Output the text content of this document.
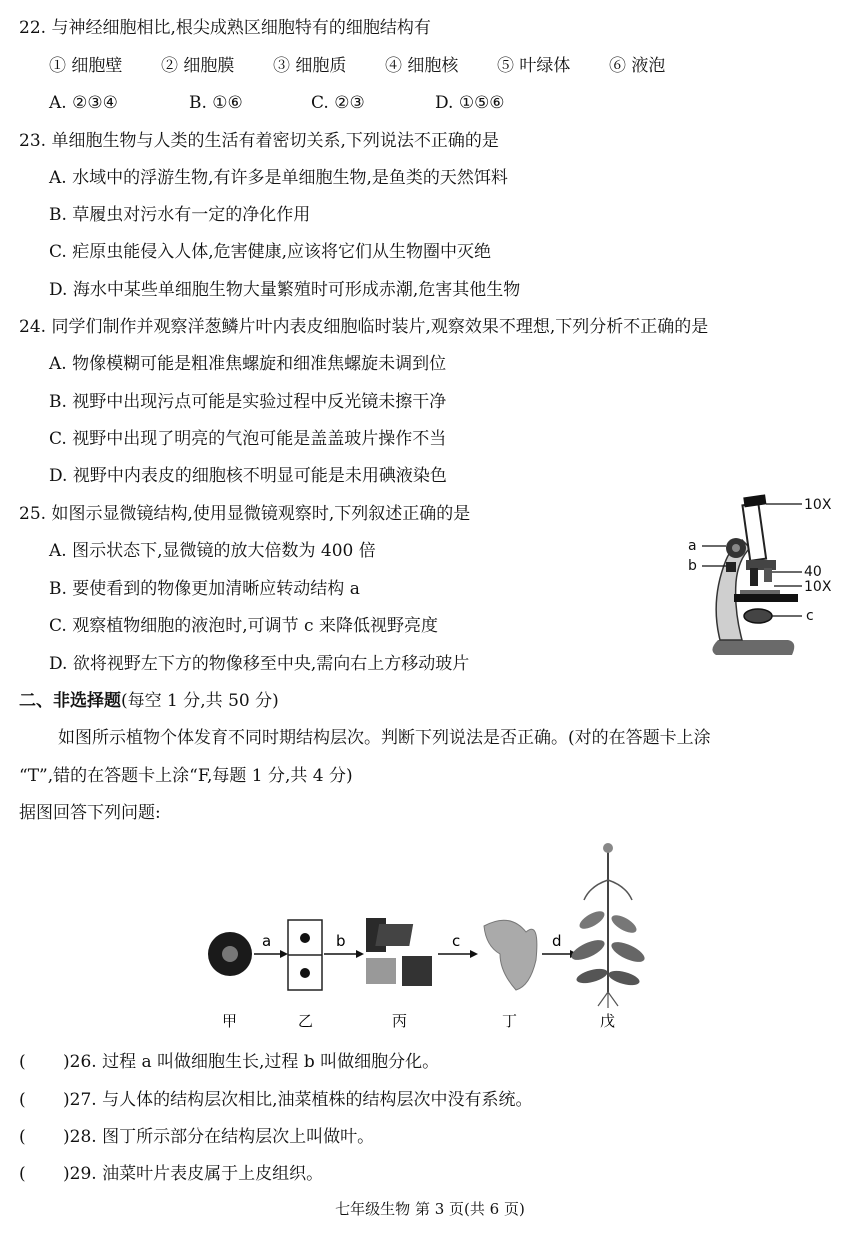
22. 与神经细胞相比,根尖成熟区细胞特有的细胞结构有
① 细胞壁	② 细胞膜	③ 细胞质	④ 细胞核	⑤ 叶绿体	⑥ 液泡
A. ②③④	B. ①⑥	C. ②③	D. ①⑤⑥
23. 单细胞生物与人类的生活有着密切关系,下列说法不正确的是
A. 水域中的浮游生物,有许多是单细胞生物,是鱼类的天然饵料
B. 草履虫对污水有一定的净化作用
C. 疟原虫能侵入人体,危害健康,应该将它们从生物圈中灭绝
D. 海水中某些单细胞生物大量繁殖时可形成赤潮,危害其他生物
24. 同学们制作并观察洋葱鳞片叶内表皮细胞临时装片,观察效果不理想,下列分析不正确的是
A. 物像模糊可能是粗准焦螺旋和细准焦螺旋未调到位
B. 视野中出现污点可能是实验过程中反光镜未擦干净
C. 视野中出现了明亮的气泡可能是盖盖玻片操作不当
D. 视野中内表皮的细胞核不明显可能是未用碘液染色
25. 如图示显微镜结构,使用显微镜观察时,下列叙述正确的是
A. 图示状态下,显微镜的放大倍数为 400 倍
B. 要使看到的物像更加清晰应转动结构 a
C. 观察植物细胞的液泡时,可调节 c 来降低视野亮度
D. 欲将视野左下方的物像移至中央,需向右上方移动玻片
10X
a
b	40
10X
c
二、非选择题(每空 1 分,共 50 分)
如图所示植物个体发育不同时期结构层次。判断下列说法是否正确。(对的在答题卡上涂
“T”,错的在答题卡上涂“F,每题 1 分,共 4 分)
据图回答下列问题:
a	b	c	d
甲	乙	丙	丁	戊
( )26. 过程 a 叫做细胞生长,过程 b 叫做细胞分化。
( )27. 与人体的结构层次相比,油菜植株的结构层次中没有系统。
( )28. 图丁所示部分在结构层次上叫做叶。
( )29. 油菜叶片表皮属于上皮组织。
七年级生物 第 3 页(共 6 页)
